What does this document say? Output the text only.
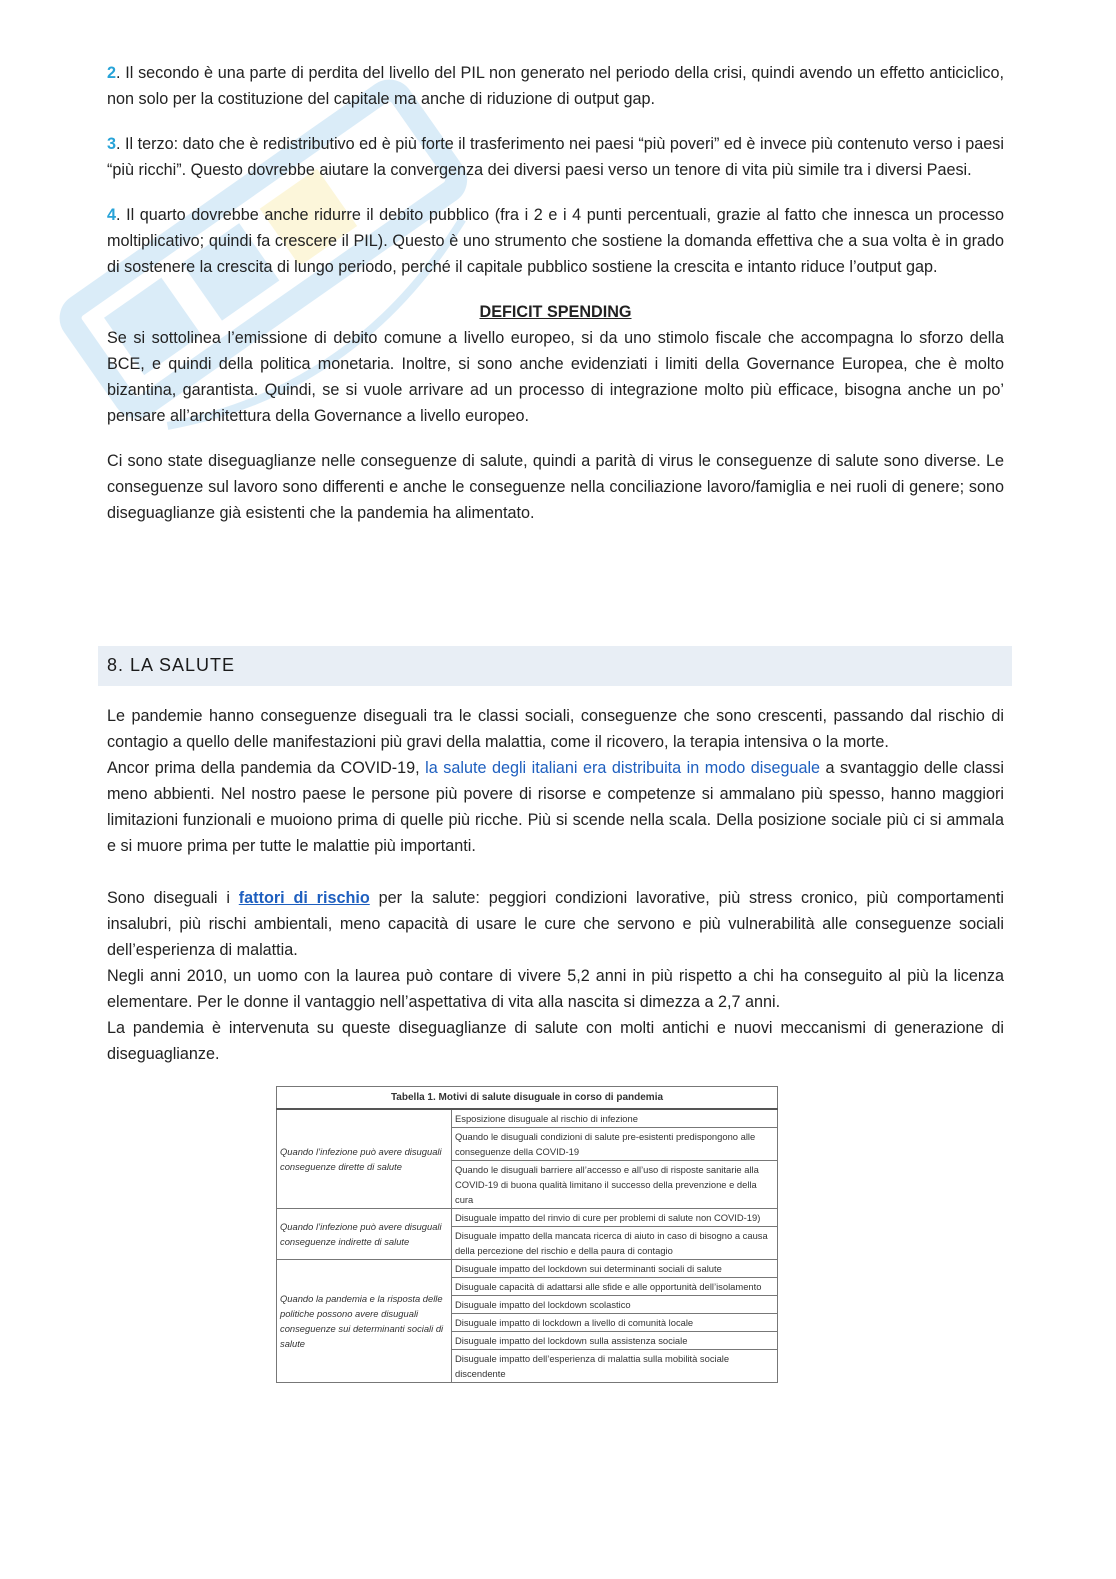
2. Il secondo è una parte di perdita del livello del PIL non generato nel periodo della crisi, quindi avendo un effetto anticiclico, non solo per la costituzione del capitale ma anche di riduzione di output gap.

3. Il terzo: dato che è redistributivo ed è più forte il trasferimento nei paesi “più poveri” ed è invece più contenuto verso i paesi “più ricchi”. Questo dovrebbe aiutare la convergenza dei diversi paesi verso un tenore di vita più simile tra i diversi Paesi.

4. Il quarto dovrebbe anche ridurre il debito pubblico (fra i 2 e i 4 punti percentuali, grazie al fatto che innesca un processo moltiplicativo; quindi fa crescere il PIL). Questo è uno strumento che sostiene la domanda effettiva che a sua volta è in grado di sostenere la crescita di lungo periodo, perché il capitale pubblico sostiene la crescita e intanto riduce l’output gap.

DEFICIT SPENDING

Se si sottolinea l’emissione di debito comune a livello europeo, si da uno stimolo fiscale che accompagna lo sforzo della BCE, e quindi della politica monetaria. Inoltre, si sono anche evidenziati i limiti della Governance Europea, che è molto bizantina, garantista. Quindi, se si vuole arrivare ad un processo di integrazione molto più efficace, bisogna anche un po’ pensare all’architettura della Governance a livello europeo.

Ci sono state diseguaglianze nelle conseguenze di salute, quindi a parità di virus le conseguenze di salute sono diverse. Le conseguenze sul lavoro sono differenti e anche le conseguenze nella conciliazione lavoro/famiglia e nei ruoli di genere; sono diseguaglianze già esistenti che la pandemia ha alimentato.

8. LA SALUTE

Le pandemie hanno conseguenze diseguali tra le classi sociali, conseguenze che sono crescenti, passando dal rischio di contagio a quello delle manifestazioni più gravi della malattia, come il ricovero, la terapia intensiva o la morte.

Ancor prima della pandemia da COVID-19, la salute degli italiani era distribuita in modo diseguale a svantaggio delle classi meno abbienti. Nel nostro paese le persone più povere di risorse e competenze si ammalano più spesso, hanno maggiori limitazioni funzionali e muoiono prima di quelle più ricche. Più si scende nella scala. Della posizione sociale più ci si ammala e si muore prima per tutte le malattie più importanti.

Sono diseguali i fattori di rischio per la salute: peggiori condizioni lavorative, più stress cronico, più comportamenti insalubri, più rischi ambientali, meno capacità di usare le cure che servono e più vulnerabilità alle conseguenze sociali dell’esperienza di malattia.

Negli anni 2010, un uomo con la laurea può contare di vivere 5,2 anni in più rispetto a chi ha conseguito al più la licenza elementare. Per le donne il vantaggio nell’aspettativa di vita alla nascita si dimezza a 2,7 anni.

La pandemia è intervenuta su queste diseguaglianze di salute con molti antichi e nuovi meccanismi di generazione di diseguaglianze.

Tabella 1. Motivi di salute disuguale in corso di pandemia	
Quando l’infezione può avere disuguali conseguenze dirette di salute	Esposizione disuguale al rischio di infezione
	Quando le disuguali condizioni di salute pre-esistenti predispongono alle conseguenze della COVID-19
	Quando le disuguali barriere all’accesso e all’uso di risposte sanitarie alla COVID-19 di buona qualità limitano il successo della prevenzione e della cura
Quando l’infezione può avere disuguali conseguenze indirette di salute	Disuguale impatto del rinvio di cure per problemi di salute non COVID-19)
	Disuguale impatto della mancata ricerca di aiuto in caso di bisogno a causa della percezione del rischio e della paura di contagio
Quando la pandemia e la risposta delle politiche possono avere disuguali conseguenze sui determinanti sociali di salute	Disuguale impatto del lockdown sui determinanti sociali di salute
	Disuguale capacità di adattarsi alle sfide e alle opportunità dell’isolamento
	Disuguale impatto del lockdown scolastico
	Disuguale impatto di lockdown a livello di comunità locale
	Disuguale impatto del lockdown sulla assistenza sociale
	Disuguale impatto dell’esperienza di malattia sulla mobilità sociale discendente
